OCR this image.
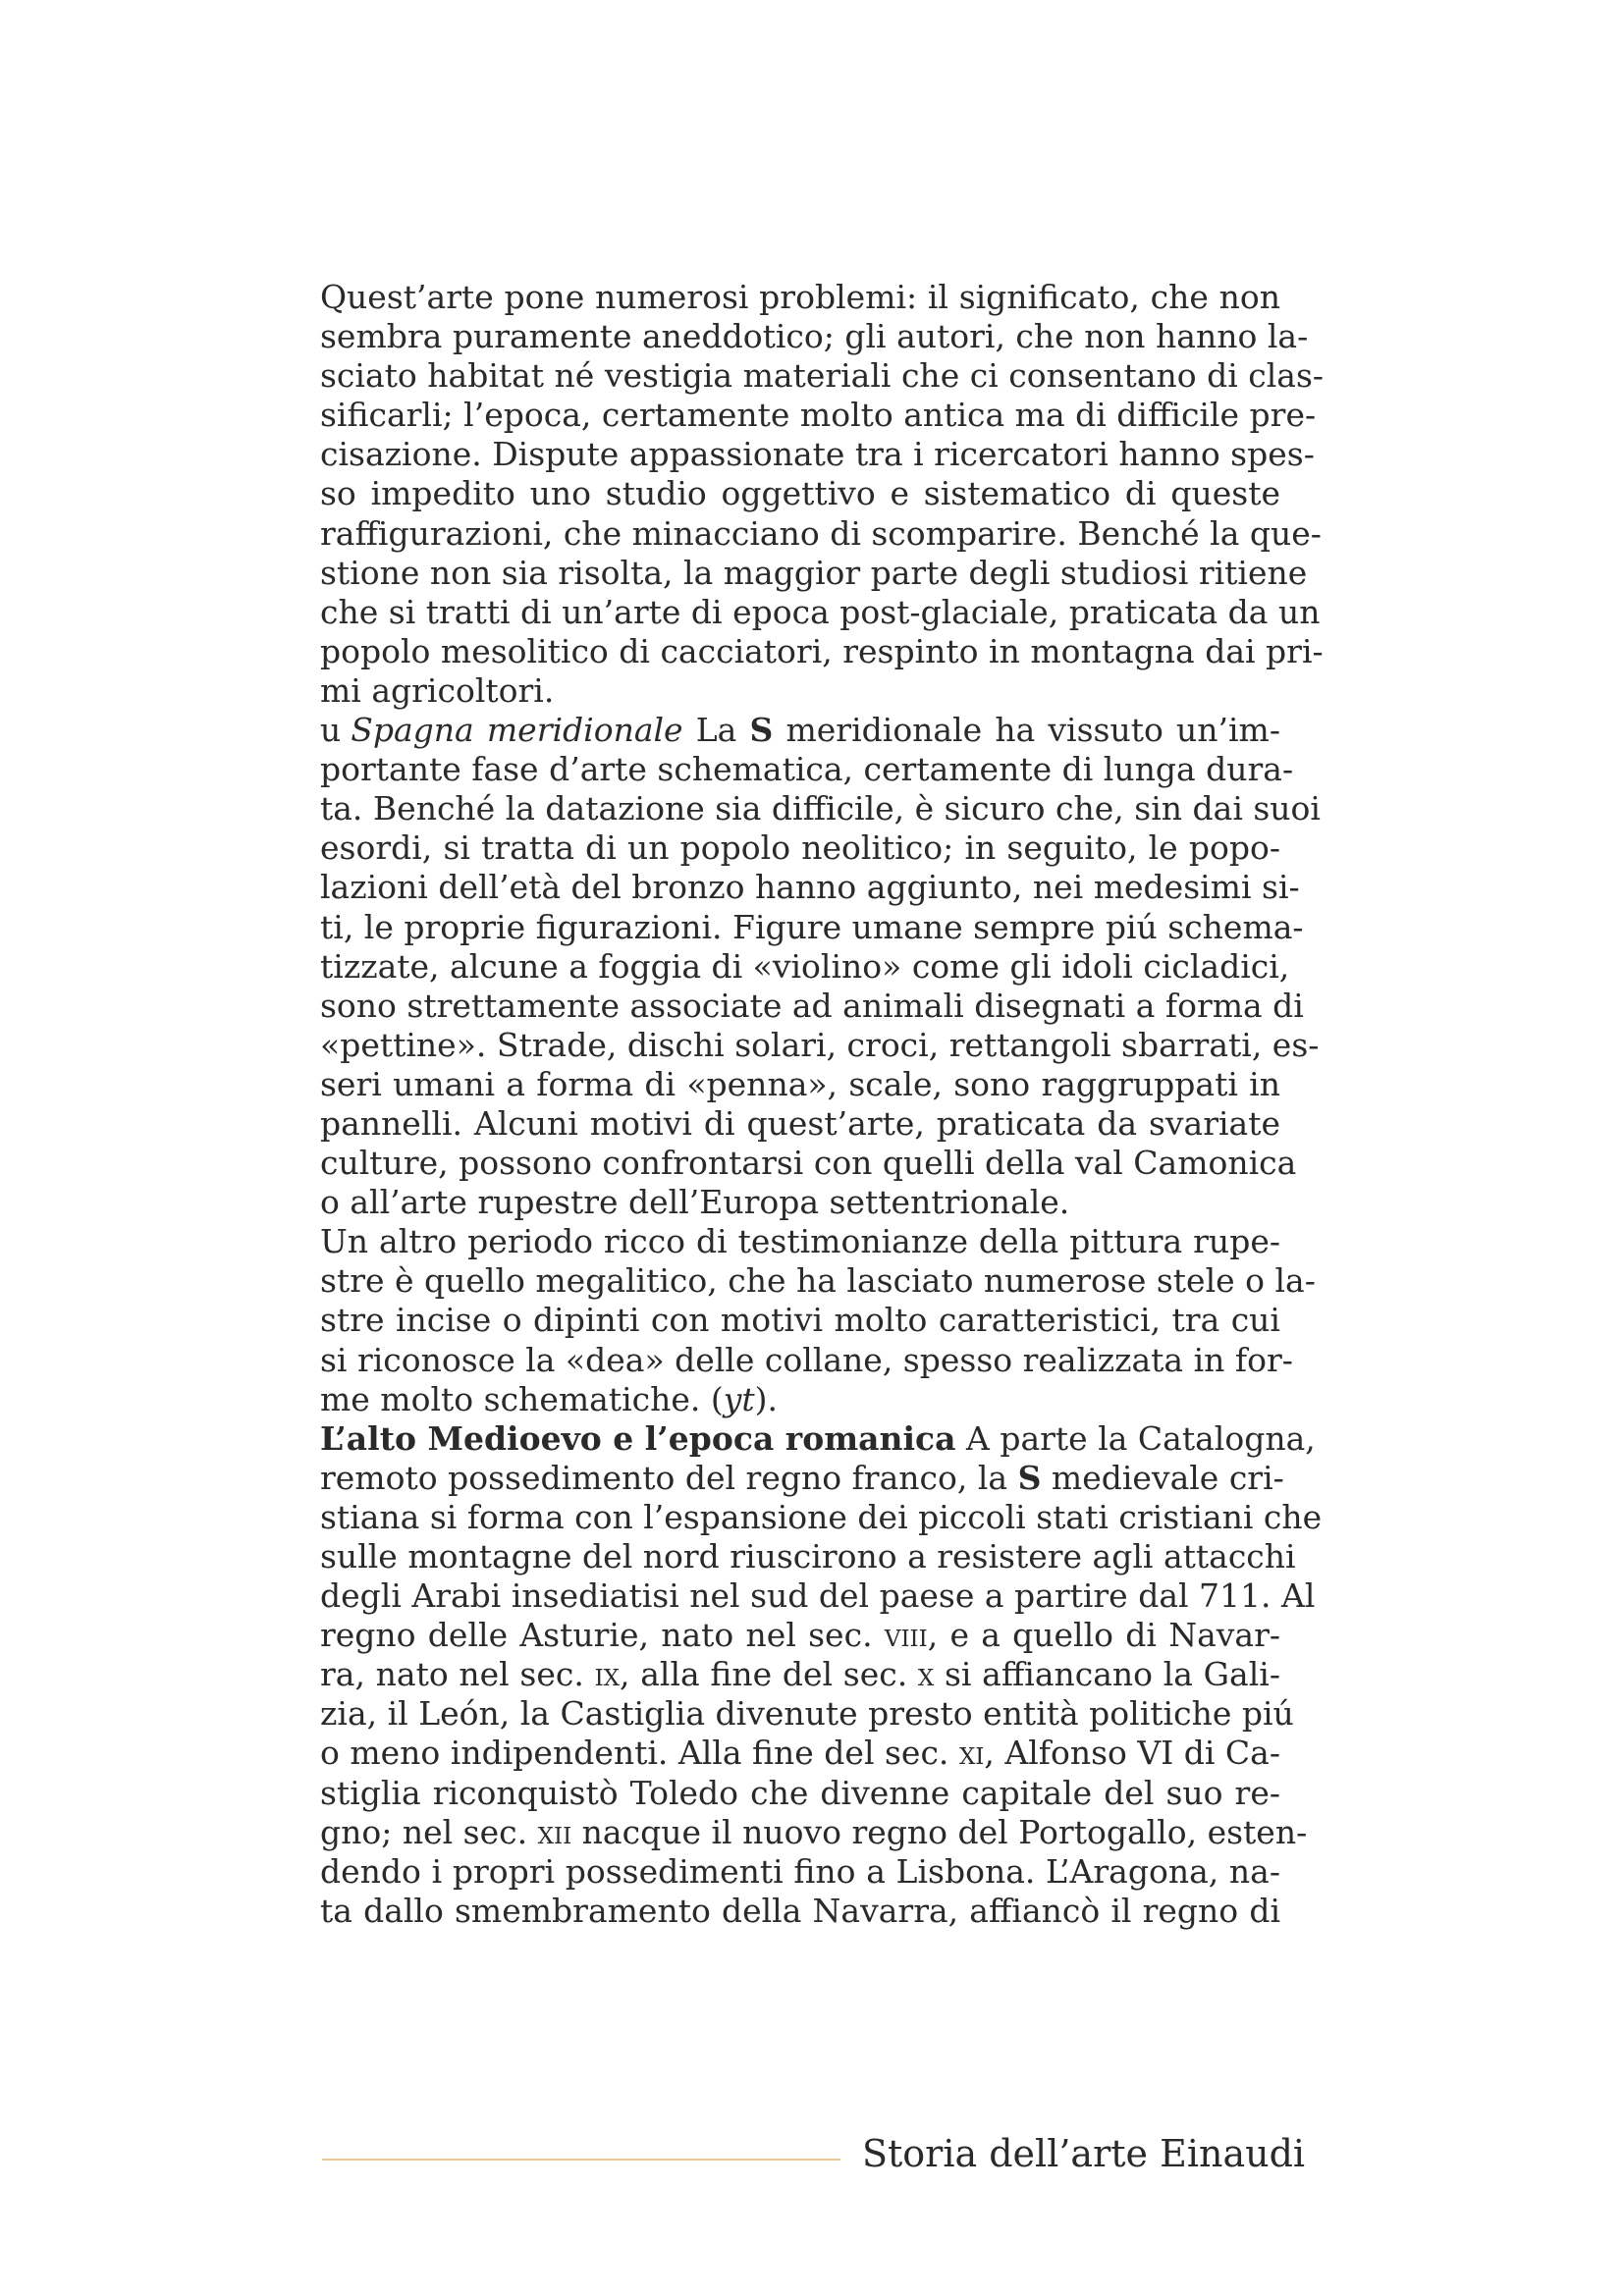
Quest’arte pone numerosi problemi: il significato, che non
sembra puramente aneddotico; gli autori, che non hanno la-
sciato habitat né vestigia materiali che ci consentano di clas-
sificarli; l’epoca, certamente molto antica ma di difficile pre-
cisazione. Dispute appassionate tra i ricercatori hanno spes-
so impedito uno studio oggettivo e sistematico di queste
raffigurazioni, che minacciano di scomparire. Benché la que-
stione non sia risolta, la maggior parte degli studiosi ritiene
che si tratti di un’arte di epoca post-glaciale, praticata da un
popolo mesolitico di cacciatori, respinto in montagna dai pri-
mi agricoltori.
u Spagna meridionale La S meridionale ha vissuto un’im-
portante fase d’arte schematica, certamente di lunga dura-
ta. Benché la datazione sia difficile, è sicuro che, sin dai suoi
esordi, si tratta di un popolo neolitico; in seguito, le popo-
lazioni dell’età del bronzo hanno aggiunto, nei medesimi si-
ti, le proprie figurazioni. Figure umane sempre piú schema-
tizzate, alcune a foggia di «violino» come gli idoli cicladici,
sono strettamente associate ad animali disegnati a forma di
«pettine». Strade, dischi solari, croci, rettangoli sbarrati, es-
seri umani a forma di «penna», scale, sono raggruppati in
pannelli. Alcuni motivi di quest’arte, praticata da svariate
culture, possono confrontarsi con quelli della val Camonica
o all’arte rupestre dell’Europa settentrionale.
Un altro periodo ricco di testimonianze della pittura rupe-
stre è quello megalitico, che ha lasciato numerose stele o la-
stre incise o dipinti con motivi molto caratteristici, tra cui
si riconosce la «dea» delle collane, spesso realizzata in for-
me molto schematiche. (yt).
L’alto Medioevo e l’epoca romanica A parte la Catalogna,
remoto possedimento del regno franco, la S medievale cri-
stiana si forma con l’espansione dei piccoli stati cristiani che
sulle montagne del nord riuscirono a resistere agli attacchi
degli Arabi insediatisi nel sud del paese a partire dal 711. Al
regno delle Asturie, nato nel sec. viii, e a quello di Navar-
ra, nato nel sec. ix, alla fine del sec. x si affiancano la Gali-
zia, il León, la Castiglia divenute presto entità politiche piú
o meno indipendenti. Alla fine del sec. xi, Alfonso VI di Ca-
stiglia riconquistò Toledo che divenne capitale del suo re-
gno; nel sec. xii nacque il nuovo regno del Portogallo, esten-
dendo i propri possedimenti fino a Lisbona. L’Aragona, na-
ta dallo smembramento della Navarra, affiancò il regno di
Storia dell’arte Einaudi
